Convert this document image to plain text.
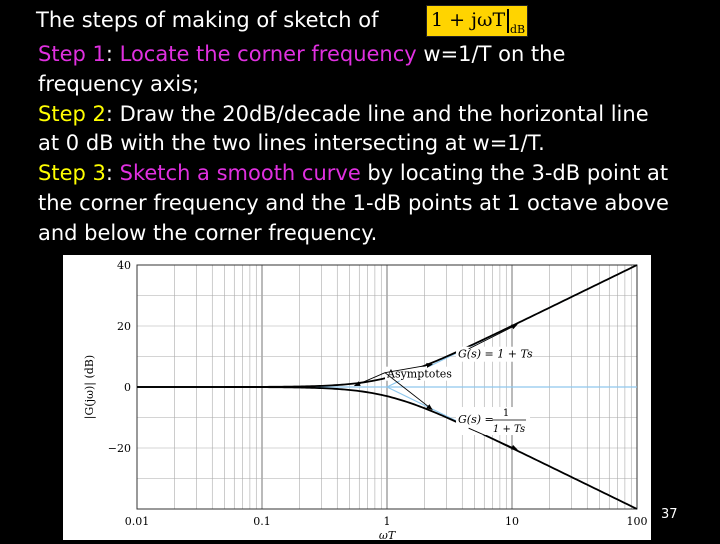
The steps of making of sketch of	1 + jωT dB
Step 1: Locate the corner frequency w=1/T on the
frequency axis;
Step 2: Draw the 20dB/decade line and the horizontal line
at 0 dB with the two lines intersecting at w=1/T.
Step 3: Sketch a smooth curve by locating the 3-dB point at
the corner frequency and the 1-dB points at 1 octave above
and below the corner frequency.
40
20
0
−20
0.01	0.1	1	10	100
ωT
|G(jω)| (dB)	Asymptotes
G(s) = 1 + Ts
G(s) = 1
1 + Ts
37
